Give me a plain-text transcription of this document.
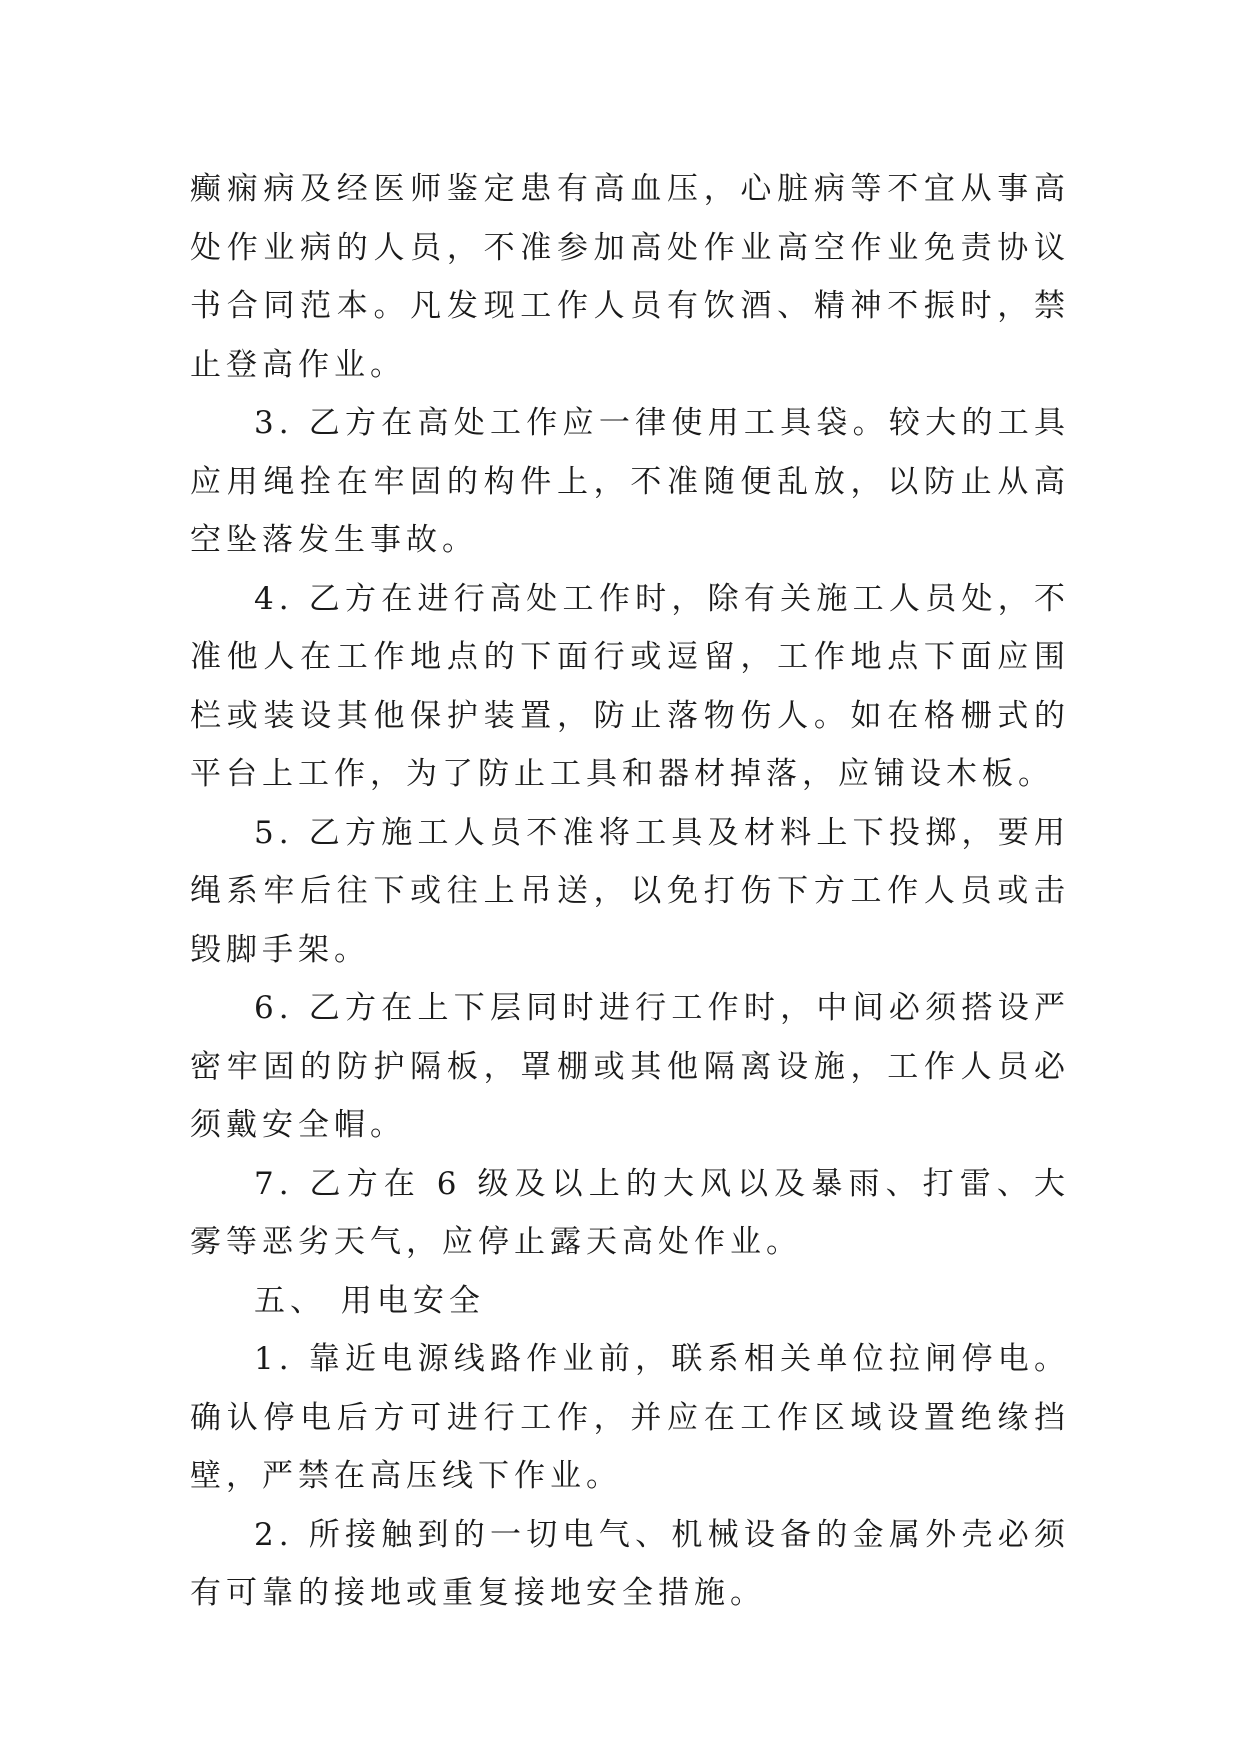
癫痫病及经医师鉴定患有高血压，心脏病等不宜从事高处作业病的人员，不准参加高处作业高空作业免责协议书合同范本。凡发现工作人员有饮酒、精神不振时，禁止登高作业。

3. 乙方在高处工作应一律使用工具袋。较大的工具应用绳拴在牢固的构件上，不准随便乱放，以防止从高空坠落发生事故。

4. 乙方在进行高处工作时，除有关施工人员处，不准他人在工作地点的下面行或逗留，工作地点下面应围栏或装设其他保护装置，防止落物伤人。如在格栅式的平台上工作，为了防止工具和器材掉落，应铺设木板。

5. 乙方施工人员不准将工具及材料上下投掷，要用绳系牢后往下或往上吊送，以免打伤下方工作人员或击毁脚手架。

6. 乙方在上下层同时进行工作时，中间必须搭设严密牢固的防护隔板，罩棚或其他隔离设施，工作人员必须戴安全帽。

7. 乙方在 6 级及以上的大风以及暴雨、打雷、大雾等恶劣天气，应停止露天高处作业。

五、 用电安全

1. 靠近电源线路作业前，联系相关单位拉闸停电。确认停电后方可进行工作，并应在工作区域设置绝缘挡壁，严禁在高压线下作业。

2. 所接触到的一切电气、机械设备的金属外壳必须有可靠的接地或重复接地安全措施。
